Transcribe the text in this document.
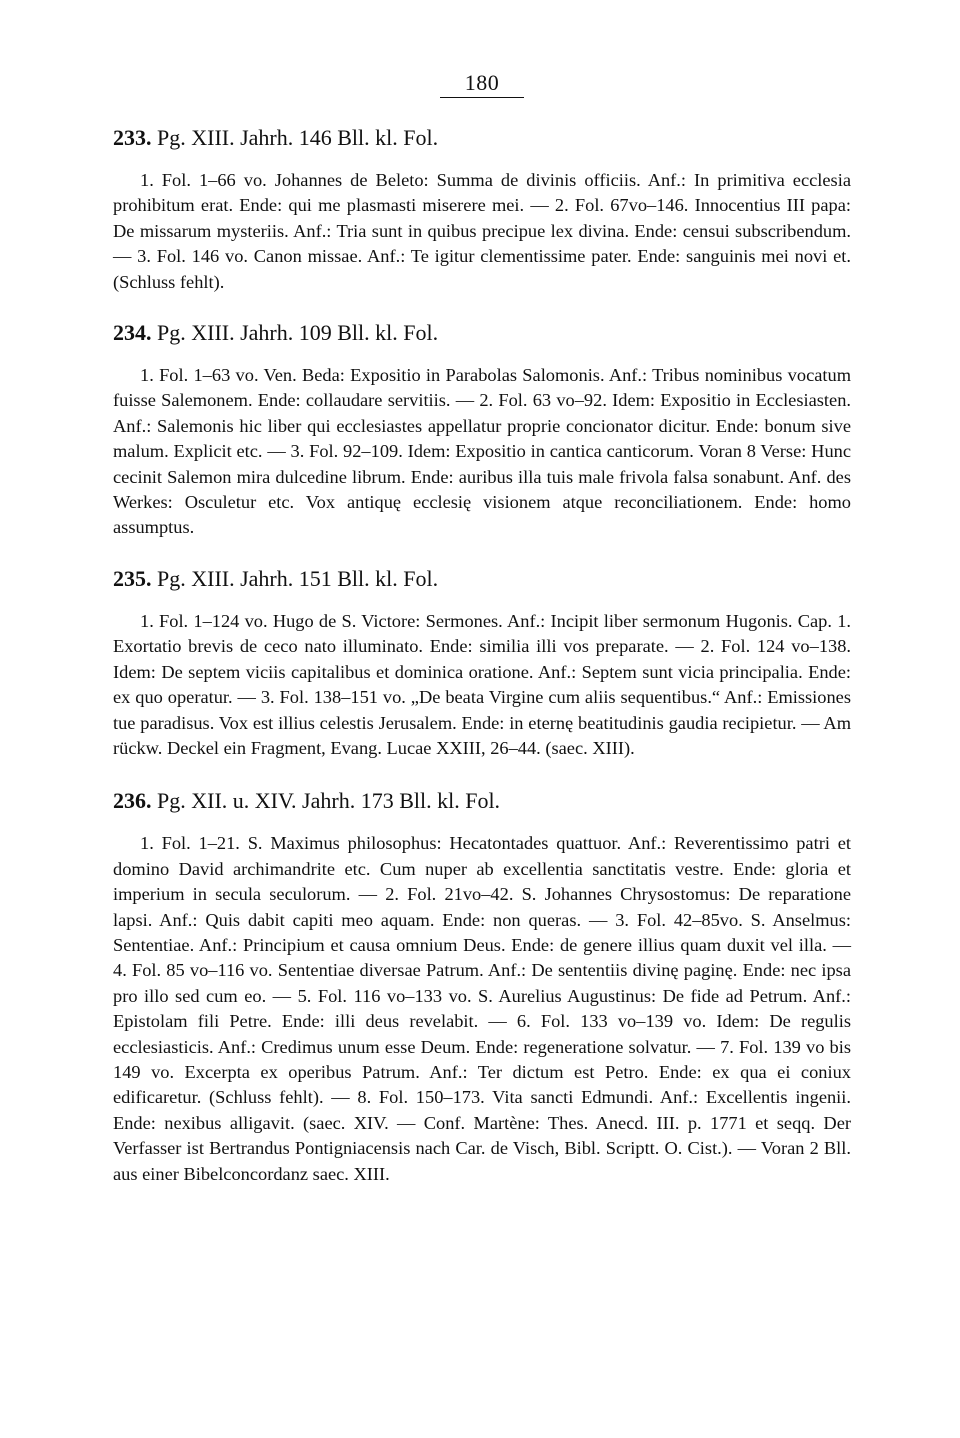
180
233. Pg. XIII. Jahrh. 146 Bll. kl. Fol.

1. Fol. 1–66 vo. Johannes de Beleto: Summa de divinis officiis. Anf.: In primitiva ecclesia prohibitum erat. Ende: qui me plasmasti miserere mei. — 2. Fol. 67vo–146. Innocentius III papa: De missarum mysteriis. Anf.: Tria sunt in quibus precipue lex divina. Ende: censui subscribendum. — 3. Fol. 146 vo. Canon missae. Anf.: Te igitur clementissime pater. Ende: sanguinis mei novi et. (Schluss fehlt).

234. Pg. XIII. Jahrh. 109 Bll. kl. Fol.

1. Fol. 1–63 vo. Ven. Beda: Expositio in Parabolas Salomonis. Anf.: Tribus nominibus vocatum fuisse Salemonem. Ende: collaudare servitiis. — 2. Fol. 63 vo–92. Idem: Expositio in Ecclesiasten. Anf.: Salemonis hic liber qui ecclesiastes appellatur proprie concionator dicitur. Ende: bonum sive malum. Explicit etc. — 3. Fol. 92–109. Idem: Expositio in cantica canticorum. Voran 8 Verse: Hunc cecinit Salemon mira dulcedine librum. Ende: auribus illa tuis male frivola falsa sonabunt. Anf. des Werkes: Osculetur etc. Vox antiquę ecclesię visionem atque reconciliationem. Ende: homo assumptus.

235. Pg. XIII. Jahrh. 151 Bll. kl. Fol.

1. Fol. 1–124 vo. Hugo de S. Victore: Sermones. Anf.: Incipit liber sermonum Hugonis. Cap. 1. Exortatio brevis de ceco nato illuminato. Ende: similia illi vos preparate. — 2. Fol. 124 vo–138. Idem: De septem viciis capitalibus et dominica oratione. Anf.: Septem sunt vicia principalia. Ende: ex quo operatur. — 3. Fol. 138–151 vo. „De beata Virgine cum aliis sequentibus.“ Anf.: Emissiones tue paradisus. Vox est illius celestis Jerusalem. Ende: in eternę beatitudinis gaudia recipietur. — Am rückw. Deckel ein Fragment, Evang. Lucae XXIII, 26–44. (saec. XIII).

236. Pg. XII. u. XIV. Jahrh. 173 Bll. kl. Fol.

1. Fol. 1–21. S. Maximus philosophus: Hecatontades quattuor. Anf.: Reverentissimo patri et domino David archimandrite etc. Cum nuper ab excellentia sanctitatis vestre. Ende: gloria et imperium in secula seculorum. — 2. Fol. 21vo–42. S. Johannes Chrysostomus: De reparatione lapsi. Anf.: Quis dabit capiti meo aquam. Ende: non queras. — 3. Fol. 42–85vo. S. Anselmus: Sententiae. Anf.: Principium et causa omnium Deus. Ende: de genere illius quam duxit vel illa. — 4. Fol. 85 vo–116 vo. Sententiae diversae Patrum. Anf.: De sententiis divinę paginę. Ende: nec ipsa pro illo sed cum eo. — 5. Fol. 116 vo–133 vo. S. Aurelius Augustinus: De fide ad Petrum. Anf.: Epistolam fili Petre. Ende: illi deus revelabit. — 6. Fol. 133 vo–139 vo. Idem: De regulis ecclesiasticis. Anf.: Credimus unum esse Deum. Ende: regeneratione solvatur. — 7. Fol. 139 vo bis 149 vo. Excerpta ex operibus Patrum. Anf.: Ter dictum est Petro. Ende: ex qua ei coniux edificaretur. (Schluss fehlt). — 8. Fol. 150–173. Vita sancti Edmundi. Anf.: Excellentis ingenii. Ende: nexibus alligavit. (saec. XIV. — Conf. Martène: Thes. Anecd. III. p. 1771 et seqq. Der Verfasser ist Bertrandus Pontigniacensis nach Car. de Visch, Bibl. Scriptt. O. Cist.). — Voran 2 Bll. aus einer Bibelconcordanz saec. XIII.
